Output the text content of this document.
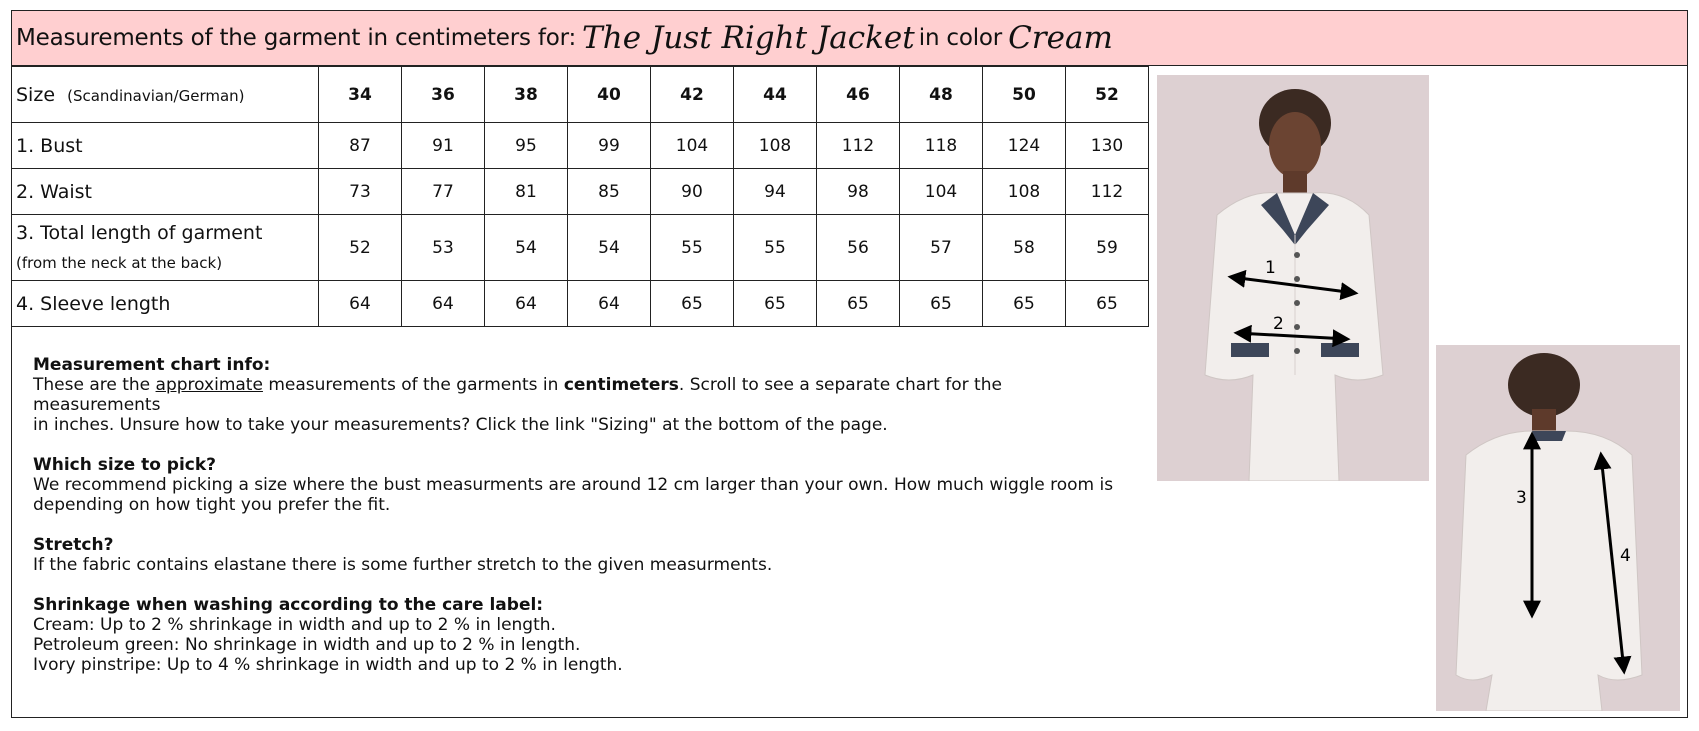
Measurements of the garment in centimeters for: The Just Right Jacket in color Cream
Size (Scandinavian/German)	34	36	38	40	42	44	46	48	50	52
1. Bust	87	91	95	99	104	108	112	118	124	130
2. Waist	73	77	81	85	90	94	98	104	108	112

3. Total length of garment
(from the neck at the back)	52	53	54	54	55	55	56	57	58	59
4. Sleeve length	64	64	64	64	65	65	65	65	65	65

Measurement chart info:
These are the approximate measurements of the garments in centimeters. Scroll to see a separate chart for the measurements
in inches. Unsure how to take your measurements? Click the link "Sizing" at the bottom of the page.

Which size to pick?
We recommend picking a size where the bust measurments are around 12 cm larger than your own. How much wiggle room is
depending on how tight you prefer the fit.

Stretch?
If the fabric contains elastane there is some further stretch to the given measurments.

Shrinkage when washing according to the care label:
Cream: Up to 2 % shrinkage in width and up to 2 % in length.
Petroleum green: No shrinkage in width and up to 2 % in length.
Ivory pinstripe: Up to 4 % shrinkage in width and up to 2 % in length.

1
2
3
4
